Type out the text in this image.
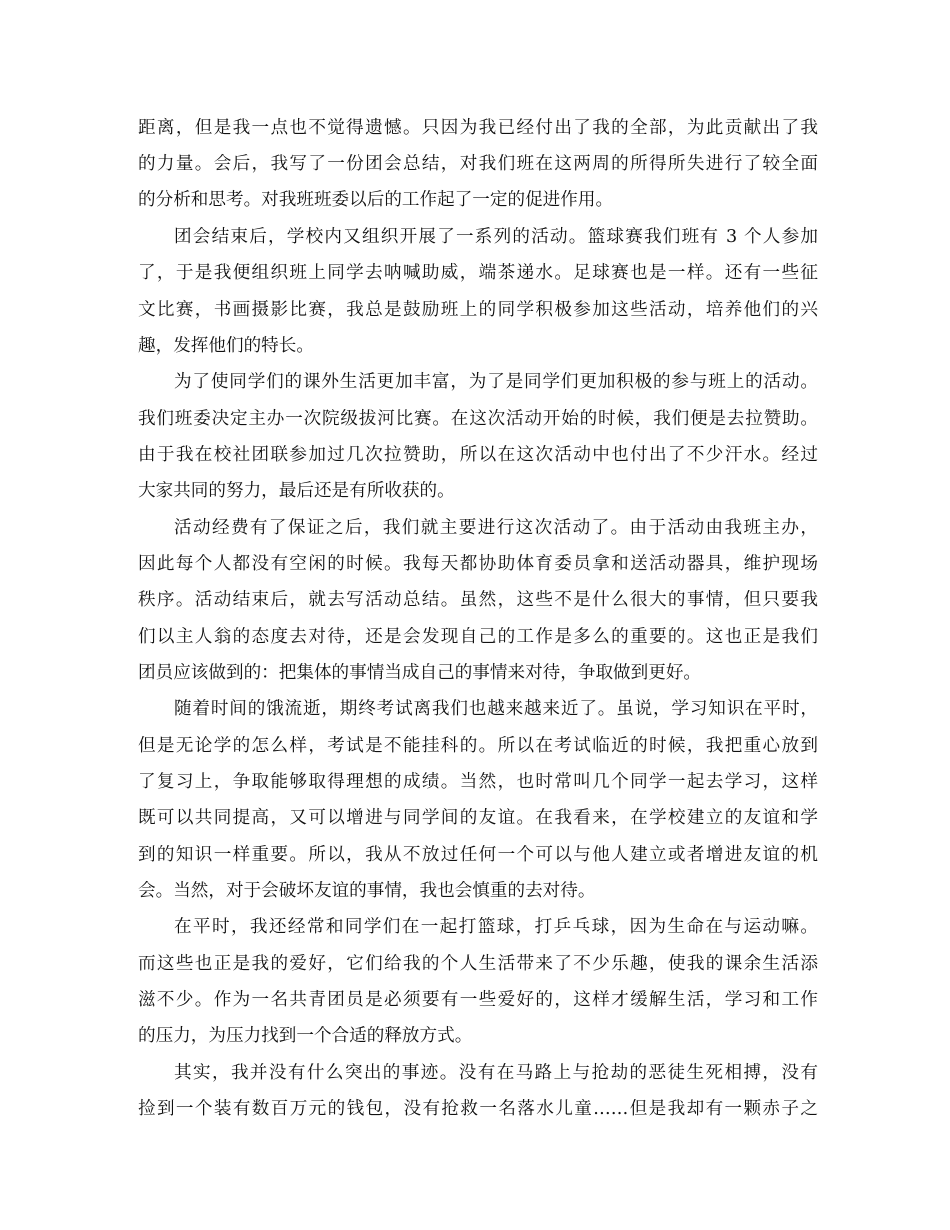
距离，但是我一点也不觉得遗憾。只因为我已经付出了我的全部，为此贡献出了我
的力量。会后，我写了一份团会总结，对我们班在这两周的所得所失进行了较全面
的分析和思考。对我班班委以后的工作起了一定的促进作用。
团会结束后，学校内又组织开展了一系列的活动。篮球赛我们班有 3 个人参加
了，于是我便组织班上同学去呐喊助威，端茶递水。足球赛也是一样。还有一些征
文比赛，书画摄影比赛，我总是鼓励班上的同学积极参加这些活动，培养他们的兴
趣，发挥他们的特长。
为了使同学们的课外生活更加丰富，为了是同学们更加积极的参与班上的活动。
我们班委决定主办一次院级拔河比赛。在这次活动开始的时候，我们便是去拉赞助。
由于我在校社团联参加过几次拉赞助，所以在这次活动中也付出了不少汗水。经过
大家共同的努力，最后还是有所收获的。
活动经费有了保证之后，我们就主要进行这次活动了。由于活动由我班主办，
因此每个人都没有空闲的时候。我每天都协助体育委员拿和送活动器具，维护现场
秩序。活动结束后，就去写活动总结。虽然，这些不是什么很大的事情，但只要我
们以主人翁的态度去对待，还是会发现自己的工作是多么的重要的。这也正是我们
团员应该做到的：把集体的事情当成自己的事情来对待，争取做到更好。
随着时间的饿流逝，期终考试离我们也越来越来近了。虽说，学习知识在平时，
但是无论学的怎么样，考试是不能挂科的。所以在考试临近的时候，我把重心放到
了复习上，争取能够取得理想的成绩。当然，也时常叫几个同学一起去学习，这样
既可以共同提高，又可以增进与同学间的友谊。在我看来，在学校建立的友谊和学
到的知识一样重要。所以，我从不放过任何一个可以与他人建立或者增进友谊的机
会。当然，对于会破坏友谊的事情，我也会慎重的去对待。
在平时，我还经常和同学们在一起打篮球，打乒乓球，因为生命在与运动嘛。
而这些也正是我的爱好，它们给我的个人生活带来了不少乐趣，使我的课余生活添
滋不少。作为一名共青团员是必须要有一些爱好的，这样才缓解生活，学习和工作
的压力，为压力找到一个合适的释放方式。
其实，我并没有什么突出的事迹。没有在马路上与抢劫的恶徒生死相搏，没有
捡到一个装有数百万元的钱包，没有抢救一名落水儿童……但是我却有一颗赤子之
